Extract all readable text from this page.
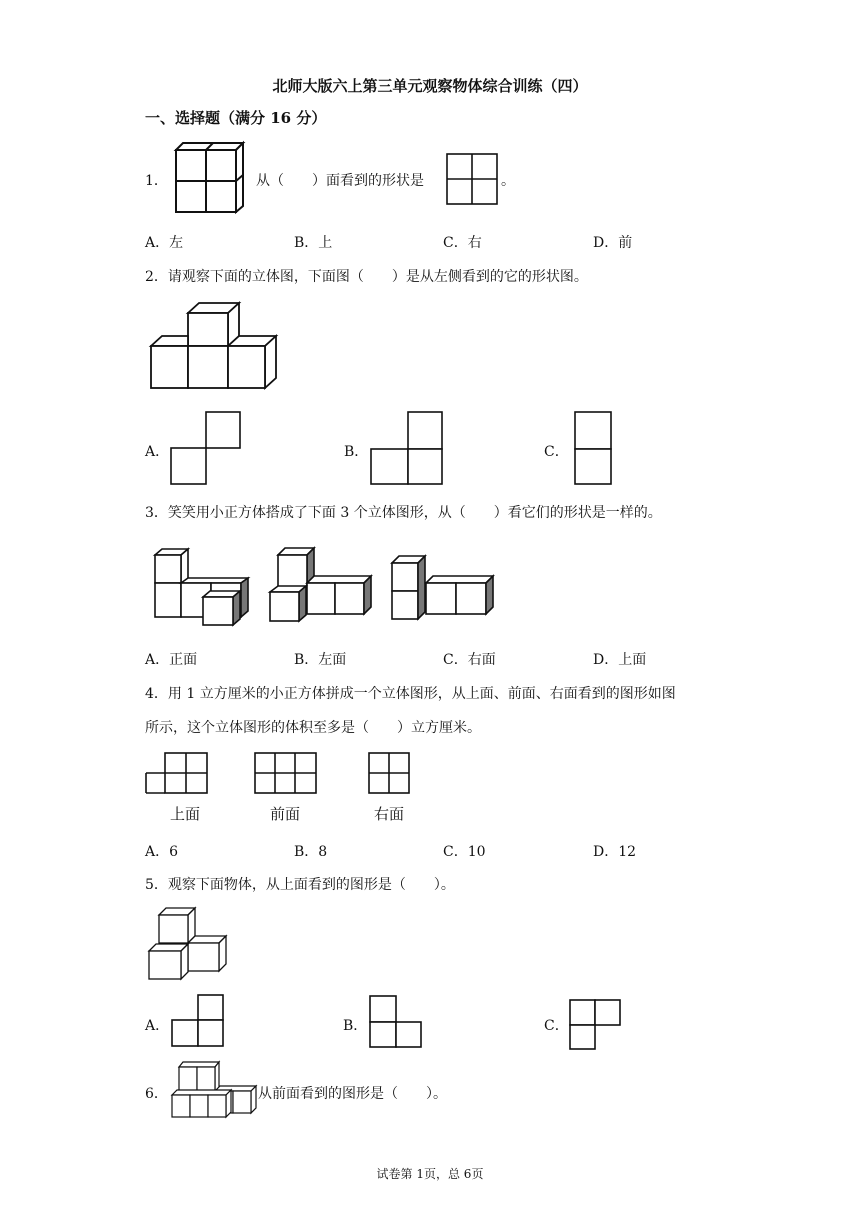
北师大版六上第三单元观察物体综合训练（四）
一、选择题（满分 16 分）
1．	从（　　）面看到的形状是	。
A．左	B．上	C．右	D．前
2．请观察下面的立体图，下面图（　　）是从左侧看到的它的形状图。
A．	B．	C．
3．笑笑用小正方体搭成了下面 3 个立体图形，从（　　）看它们的形状是一样的。
A．正面	B．左面	C．右面	D．上面
4．用 1 立方厘米的小正方体拼成一个立体图形，从上面、前面、右面看到的图形如图
所示，这个立体图形的体积至多是（　　）立方厘米。
上面	前面	右面
A．6	B．8	C．10	D．12
5．观察下面物体，从上面看到的图形是（　　）。
A．	B．	C．
6．	从前面看到的图形是（　　）。
试卷第 1页，总 6页
